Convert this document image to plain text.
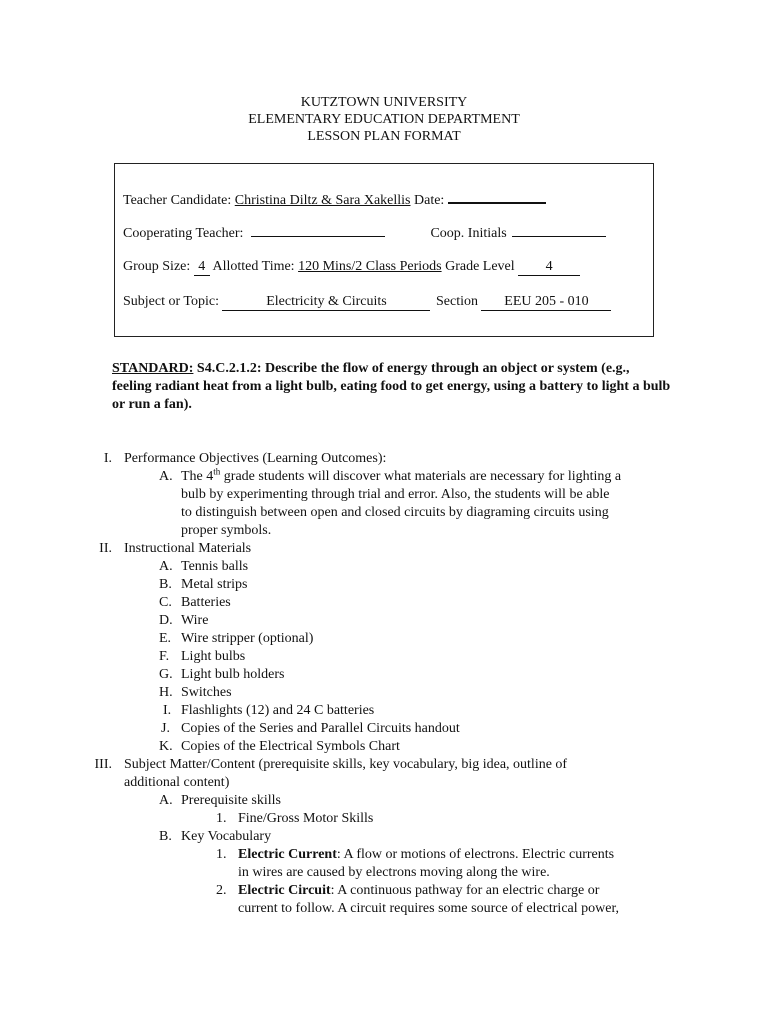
KUTZTOWN UNIVERSITY
ELEMENTARY EDUCATION DEPARTMENT
LESSON PLAN FORMAT
Teacher Candidate: Christina Diltz & Sara Xakellis Date:
Cooperating Teacher:	Coop. Initials
Group Size: 4 Allotted Time: 120 Mins/2 Class Periods Grade Level 4
Subject or Topic:	Electricity & Circuits	Section EEU 205 - 010
STANDARD: S4.C.2.1.2: Describe the flow of energy through an object or system (e.g., feeling radiant heat from a light bulb, eating food to get energy, using a battery to light a bulb or run a fan).
I. Performance Objectives (Learning Outcomes):
A. The 4th grade students will discover what materials are necessary for lighting a
bulb by experimenting through trial and error. Also, the students will be able
to distinguish between open and closed circuits by diagraming circuits using
proper symbols.
II. Instructional Materials
A. Tennis balls
B. Metal strips
C. Batteries
D. Wire
E. Wire stripper (optional)
F. Light bulbs
G. Light bulb holders
H. Switches
I. Flashlights (12) and 24 C batteries
J. Copies of the Series and Parallel Circuits handout
K. Copies of the Electrical Symbols Chart
III. Subject Matter/Content (prerequisite skills, key vocabulary, big idea, outline of
additional content)
A. Prerequisite skills
1. Fine/Gross Motor Skills
B. Key Vocabulary
1. Electric Current: A flow or motions of electrons. Electric currents
in wires are caused by electrons moving along the wire.
2. Electric Circuit: A continuous pathway for an electric charge or
current to follow. A circuit requires some source of electrical power,
